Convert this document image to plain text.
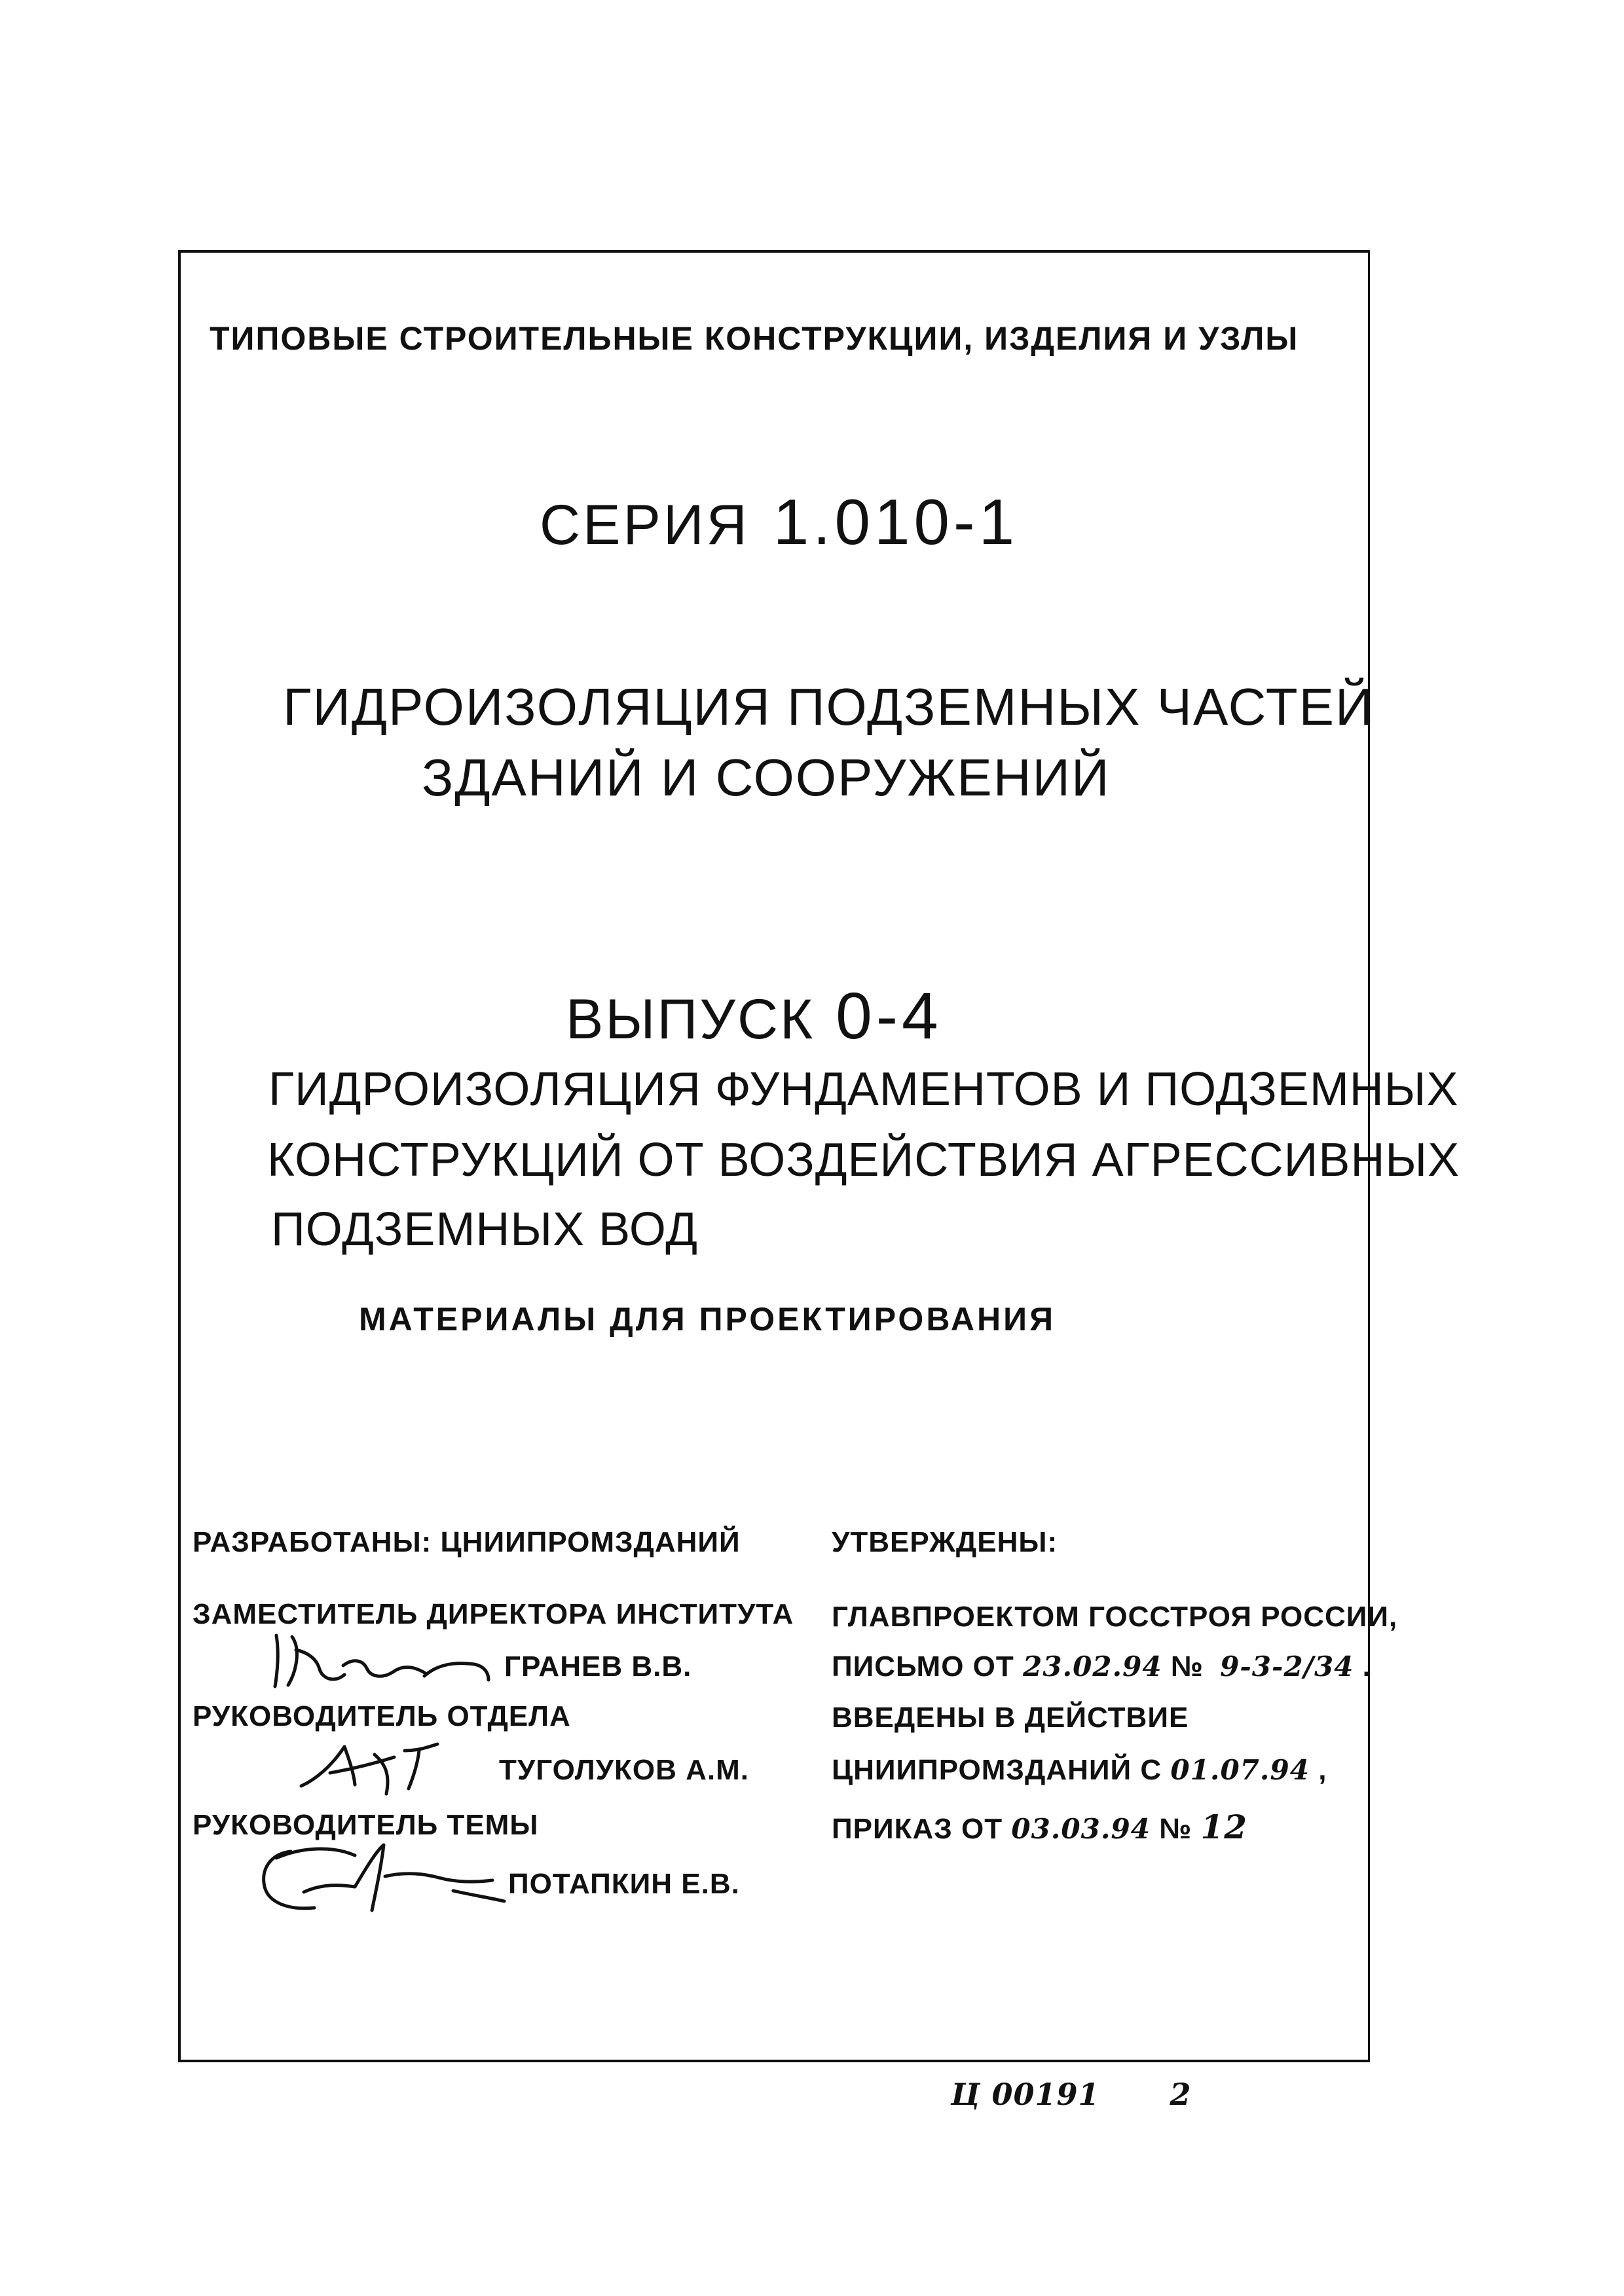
ТИПОВЫЕ СТРОИТЕЛЬНЫЕ КОНСТРУКЦИИ, ИЗДЕЛИЯ И УЗЛЫ
СЕРИЯ 1.010-1
ГИДРОИЗОЛЯЦИЯ ПОДЗЕМНЫХ ЧАСТЕЙ
ЗДАНИЙ И СООРУЖЕНИЙ
ВЫПУСК 0-4
ГИДРОИЗОЛЯЦИЯ ФУНДАМЕНТОВ И ПОДЗЕМНЫХ
КОНСТРУКЦИЙ ОТ ВОЗДЕЙСТВИЯ АГРЕССИВНЫХ
ПОДЗЕМНЫХ ВОД
МАТЕРИАЛЫ ДЛЯ ПРОЕКТИРОВАНИЯ
РАЗРАБОТАНЫ: ЦНИИПРОМЗДАНИЙ
ЗАМЕСТИТЕЛЬ ДИРЕКТОРА ИНСТИТУТА
ГРАНЕВ В.В.
РУКОВОДИТЕЛЬ ОТДЕЛА
ТУГОЛУКОВ А.М.
РУКОВОДИТЕЛЬ ТЕМЫ
ПОТАПКИН Е.В.
УТВЕРЖДЕНЫ:
ГЛАВПРОЕКТОМ ГОССТРОЯ РОССИИ,
ПИСЬМО ОТ 23.02.94 № 9-3-2/34 .
ВВЕДЕНЫ В ДЕЙСТВИЕ
ЦНИИПРОМЗДАНИЙ С 01.07.94 ,
ПРИКАЗ ОТ 03.03.94 № 12
Ц 00191 2
